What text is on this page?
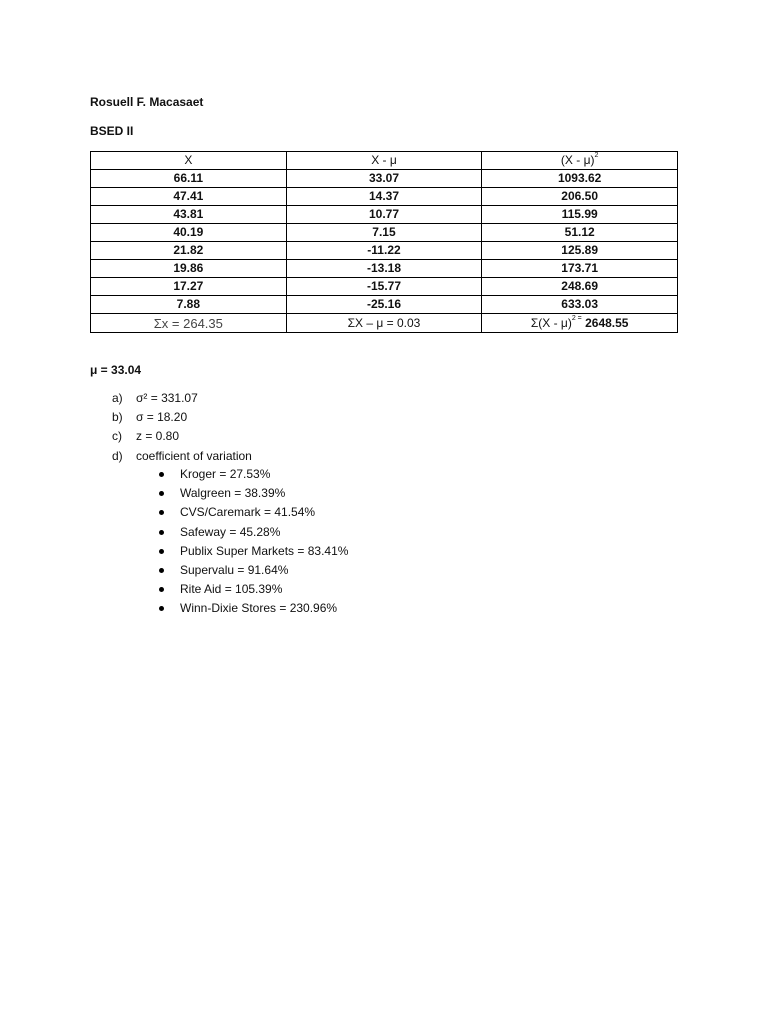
Rosuell F. Macasaet
BSED II
X	X - μ	(X - μ)$^2$
66.11	33.07	1093.62
47.41	14.37	206.50
43.81	10.77	115.99
40.19	7.15	51.12
21.82	-11.22	125.89
19.86	-13.18	173.71
17.27	-15.77	248.69
7.88	-25.16	633.03
Σx = 264.35	ΣX – μ = 0.03	Σ(X - μ)$^{2 =}$ 2648.55
μ = 33.04
a) σ² = 331.07
b) σ = 18.20
c) z = 0.80
d) coefficient of variation
Kroger = 27.53%
Walgreen = 38.39%
CVS/Caremark = 41.54%
Safeway = 45.28%
Publix Super Markets = 83.41%
Supervalu = 91.64%
Rite Aid = 105.39%
Winn-Dixie Stores = 230.96%
